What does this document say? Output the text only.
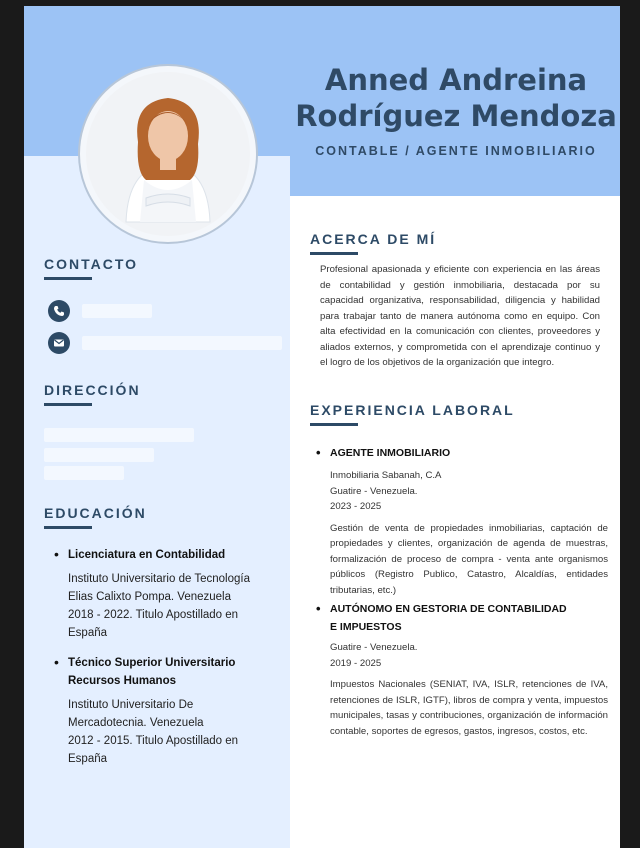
Anned Andreina
Rodríguez Mendoza
CONTABLE / AGENTE INMOBILIARIO
CONTACTO
DIRECCIÓN
EDUCACIÓN
• Licenciatura en Contabilidad
Instituto Universitario de Tecnología
Elias Calixto Pompa. Venezuela
2018 - 2022. Titulo Apostillado en
España
• Técnico Superior Universitario
Recursos Humanos
Instituto Universitario De
Mercadotecnia. Venezuela
2012 - 2015. Titulo Apostillado en
España
ACERCA DE MÍ
Profesional apasionada y eficiente con experiencia en las áreas de contabilidad y gestión inmobiliaria, destacada por su capacidad organizativa, responsabilidad, diligencia y habilidad para trabajar tanto de manera autónoma como en equipo. Con alta efectividad en la comunicación con clientes, proveedores y aliados externos, y comprometida con el aprendizaje continuo y el logro de los objetivos de la organización que integro.
EXPERIENCIA LABORAL
• AGENTE INMOBILIARIO
Inmobiliaria Sabanah, C.A
Guatire - Venezuela.
2023 - 2025
Gestión de venta de propiedades inmobiliarias, captación de propiedades y clientes, organización de agenda de muestras, formalización de proceso de compra - venta ante organismos públicos (Registro Publico, Catastro, Alcaldías, entidades tributarias, etc.)
• AUTÓNOMO EN GESTORIA DE CONTABILIDAD
E IMPUESTOS
Guatire - Venezuela.
2019 - 2025
Impuestos Nacionales (SENIAT, IVA, ISLR, retenciones de IVA, retenciones de ISLR, IGTF), libros de compra y venta, impuestos municipales, tasas y contribuciones, organización de información contable, soportes de egresos, gastos, ingresos, costos, etc.
